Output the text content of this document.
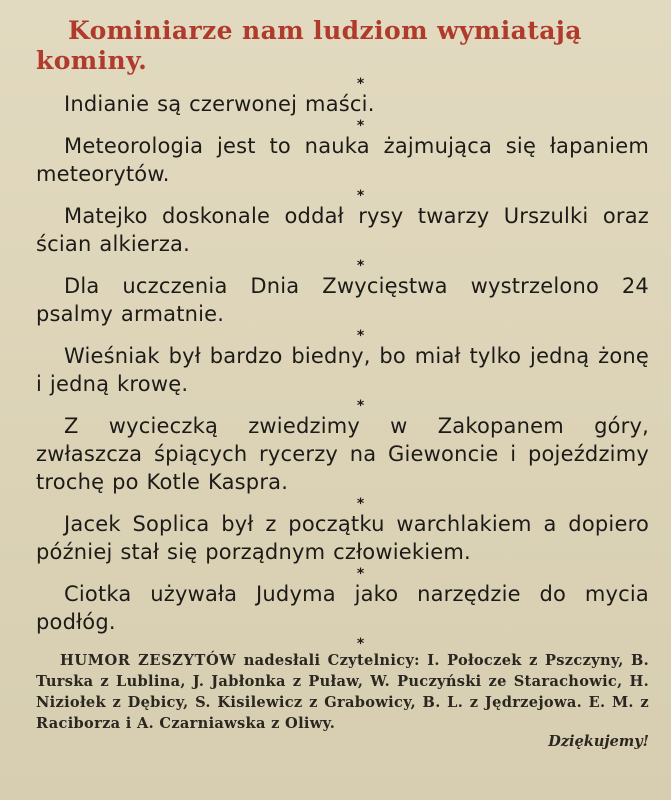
Kominiarze nam ludziom wymiatają
kominy.
*

Indianie są czerwonej maści.

*

Meteorologia jest to nauka żajmująca się łapaniem meteorytów.

*

Matejko doskonale oddał rysy twarzy Urszulki oraz ścian alkierza.

*

Dla uczczenia Dnia Zwycięstwa wystrzelono 24 psalmy armatnie.

*

Wieśniak był bardzo biedny, bo miał tylko jedną żonę i jedną krowę.

*

Z wycieczką zwiedzimy w Zakopanem góry, zwłaszcza śpiących rycerzy na Giewoncie i pojeździmy trochę po Kotle Kaspra.

*

Jacek Soplica był z początku warchlakiem a dopiero później stał się porządnym człowiekiem.

*

Ciotka używała Judyma jako narzędzie do mycia podłóg.

*
HUMOR ZESZYTÓW nadesłali Czytelnicy: I. Połoczek z Pszczyny, B. Turska z Lublina, J. Jabłonka z Puław, W. Puczyński ze Starachowic, H. Niziołek z Dębicy, S. Kisilewicz z Grabowicy, B. L. z Jędrzejowa. E. M. z Raciborza i A. Czarniawska z Oliwy.
Dziękujemy!
